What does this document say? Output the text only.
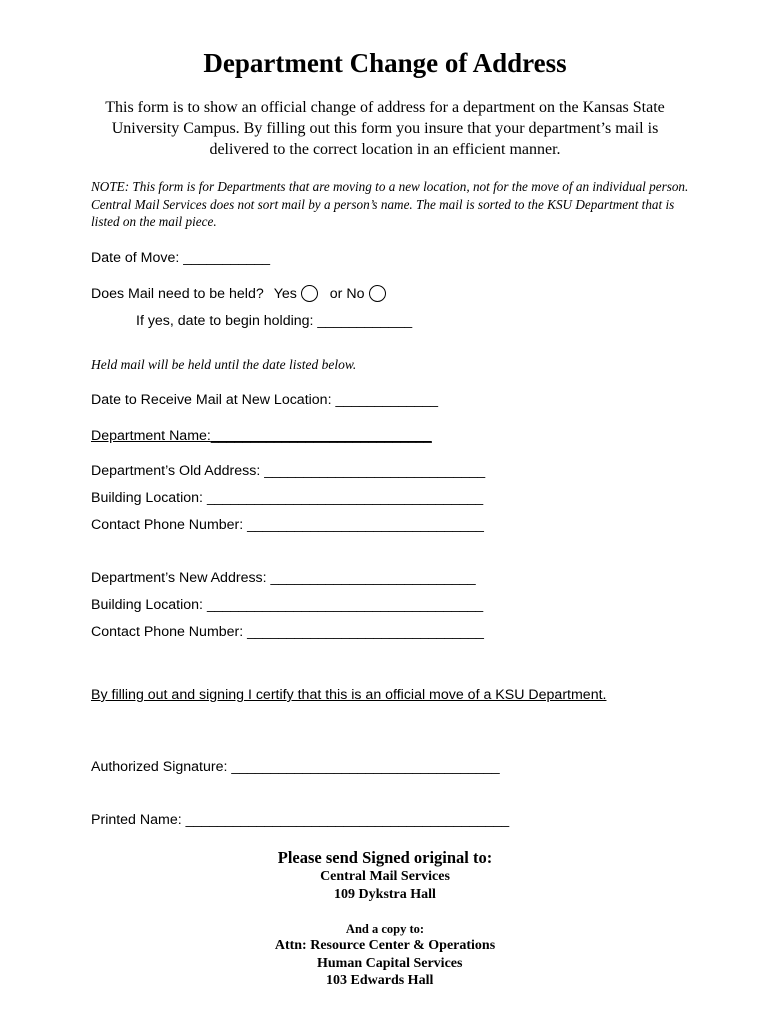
Department Change of Address
This form is to show an official change of address for a department on the Kansas State University Campus. By filling out this form you insure that your department’s mail is delivered to the correct location in an efficient manner.
NOTE: This form is for Departments that are moving to a new location, not for the move of an individual person. Central Mail Services does not sort mail by a person’s name. The mail is sorted to the KSU Department that is listed on the mail piece.
Date of Move: ___________
Does Mail need to be held? Yes or No
If yes, date to begin holding: ____________
Held mail will be held until the date listed below.
Date to Receive Mail at New Location: _____________
Department Name:____________________________
Department’s Old Address: ____________________________
Building Location: ___________________________________
Contact Phone Number: ______________________________
Department’s New Address: __________________________
Building Location: ___________________________________
Contact Phone Number: ______________________________
By filling out and signing I certify that this is an official move of a KSU Department.
Authorized Signature: __________________________________
Printed Name: _________________________________________
Please send Signed original to:
Central Mail Services
109 Dykstra Hall
And a copy to:
Attn: Resource Center & Operations
Human Capital Services
103 Edwards Hall
